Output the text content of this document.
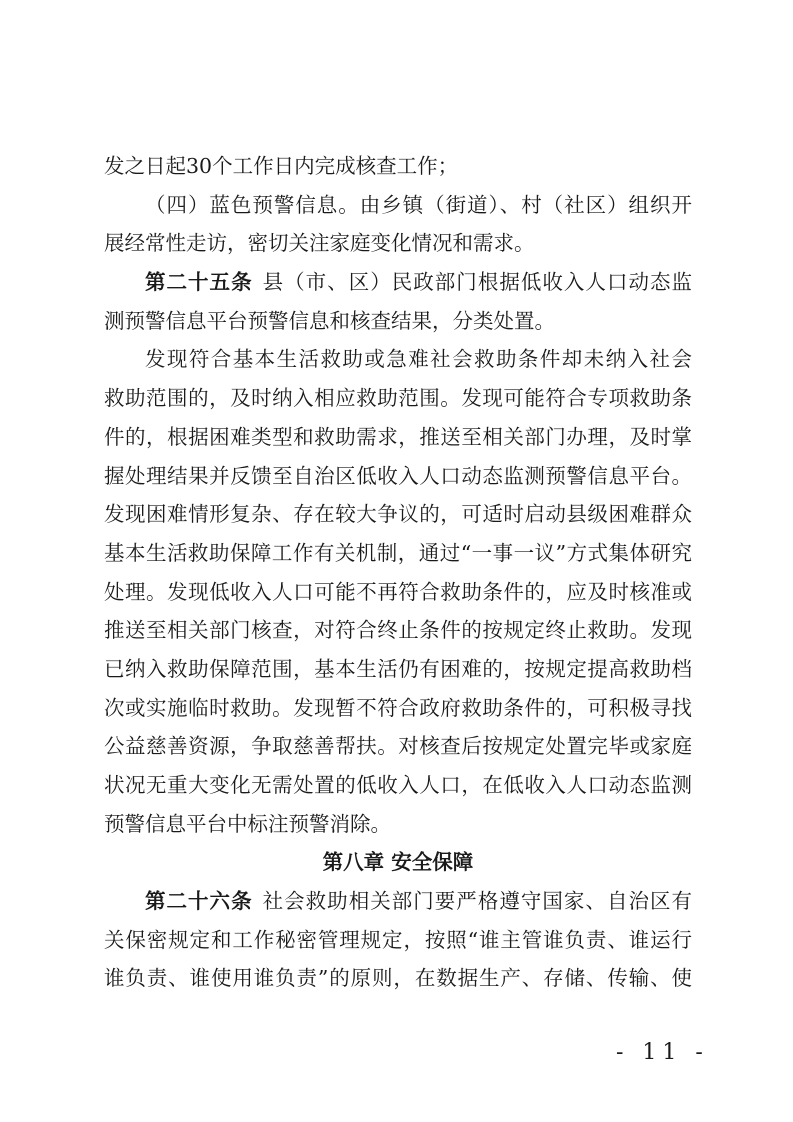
发之日起30个工作日内完成核查工作；
（四）蓝色预警信息。由乡镇（街道）、村（社区）组织开
展经常性走访，密切关注家庭变化情况和需求。
第二十五条 县（市、区）民政部门根据低收入人口动态监
测预警信息平台预警信息和核查结果，分类处置。
发现符合基本生活救助或急难社会救助条件却未纳入社会
救助范围的，及时纳入相应救助范围。发现可能符合专项救助条
件的，根据困难类型和救助需求，推送至相关部门办理，及时掌
握处理结果并反馈至自治区低收入人口动态监测预警信息平台。
发现困难情形复杂、存在较大争议的，可适时启动县级困难群众
基本生活救助保障工作有关机制，通过“一事一议”方式集体研究
处理。发现低收入人口可能不再符合救助条件的，应及时核准或
推送至相关部门核查，对符合终止条件的按规定终止救助。发现
已纳入救助保障范围，基本生活仍有困难的，按规定提高救助档
次或实施临时救助。发现暂不符合政府救助条件的，可积极寻找
公益慈善资源，争取慈善帮扶。对核查后按规定处置完毕或家庭
状况无重大变化无需处置的低收入人口，在低收入人口动态监测
预警信息平台中标注预警消除。
第八章 安全保障
第二十六条 社会救助相关部门要严格遵守国家、自治区有
关保密规定和工作秘密管理规定，按照“谁主管谁负责、谁运行
谁负责、谁使用谁负责”的原则，在数据生产、存储、传输、使
- 11 -
